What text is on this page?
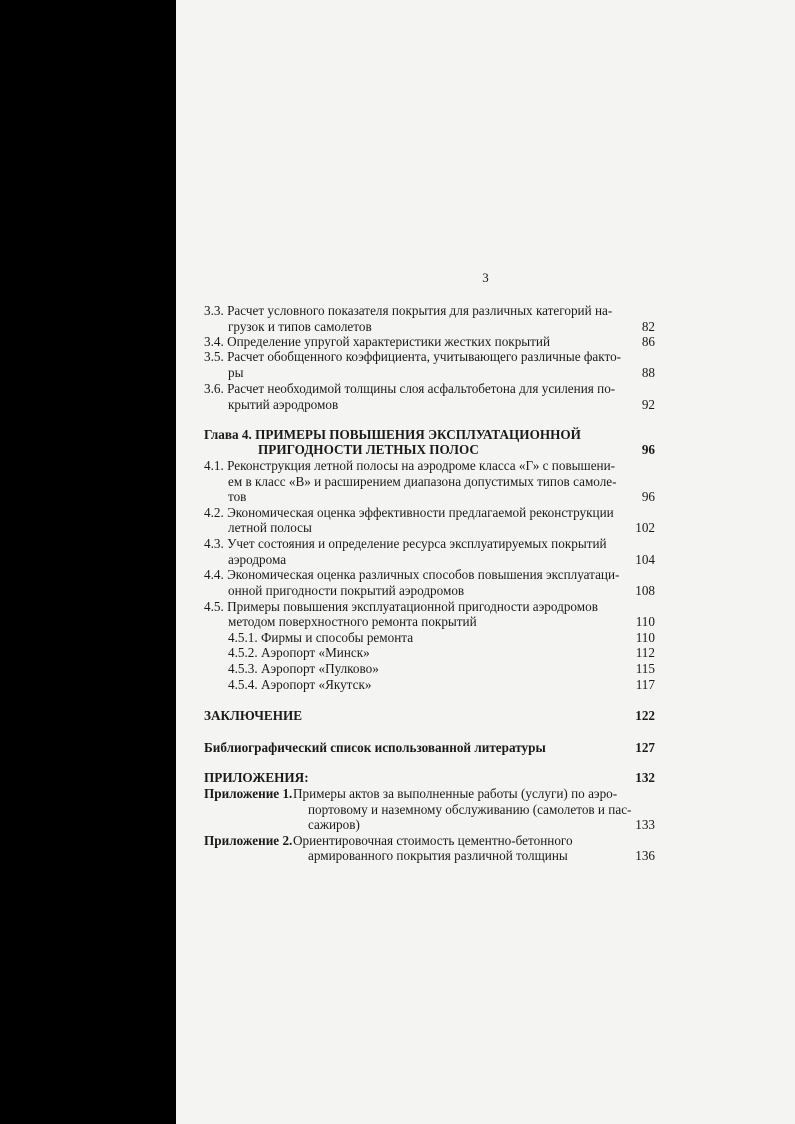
3
3.3. Расчет условного показателя покрытия для различных категорий на-
грузок и типов самолетов	82
3.4. Определение упругой характеристики жестких покрытий	86
3.5. Расчет обобщенного коэффициента, учитывающего различные факто-
ры	88
3.6. Расчет необходимой толщины слоя асфальтобетона для усиления по-
крытий аэродромов	92
Глава 4. ПРИМЕРЫ ПОВЫШЕНИЯ ЭКСПЛУАТАЦИОННОЙ
ПРИГОДНОСТИ ЛЕТНЫХ ПОЛОС	96
4.1. Реконструкция летной полосы на аэродроме класса «Г» с повышени-
ем в класс «В» и расширением диапазона допустимых типов самоле-
тов	96
4.2. Экономическая оценка эффективности предлагаемой реконструкции
летной полосы	102
4.3. Учет состояния и определение ресурса эксплуатируемых покрытий
аэродрома	104
4.4. Экономическая оценка различных способов повышения эксплуатаци-
онной пригодности покрытий аэродромов	108
4.5. Примеры повышения эксплуатационной пригодности аэродромов
методом поверхностного ремонта покрытий	110
4.5.1. Фирмы и способы ремонта	110
4.5.2. Аэропорт «Минск»	112
4.5.3. Аэропорт «Пулково»	115
4.5.4. Аэропорт «Якутск»	117
ЗАКЛЮЧЕНИЕ	122
Библиографический список использованной литературы	127
ПРИЛОЖЕНИЯ:	132
Приложение 1. Примеры актов за выполненные работы (услуги) по аэро-
портовому и наземному обслуживанию (самолетов и пас-
сажиров)	133
Приложение 2. Ориентировочная стоимость цементно-бетонного
армированного покрытия различной толщины	136
